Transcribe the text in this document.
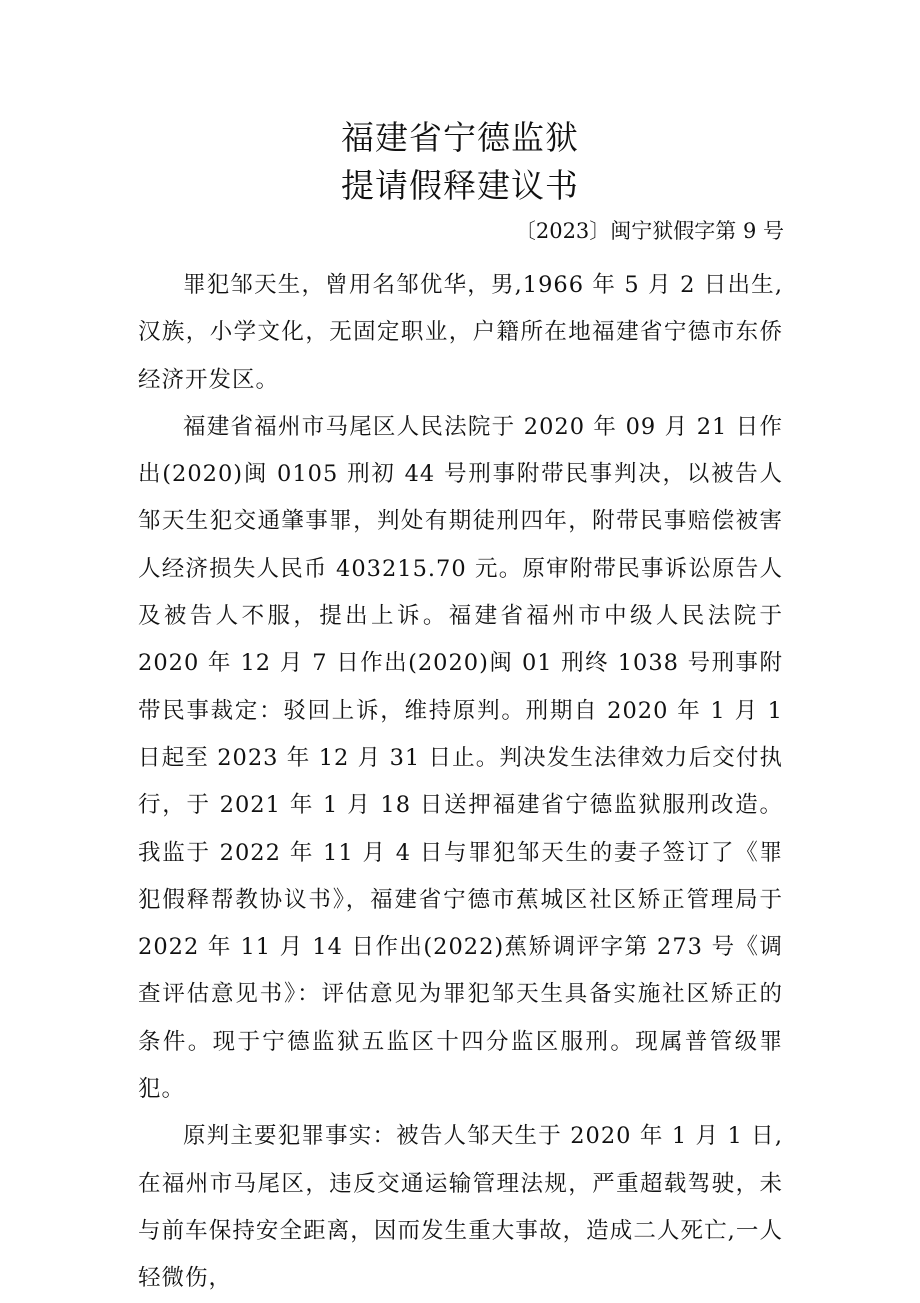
福建省宁德监狱
提请假释建议书
〔2023〕闽宁狱假字第 9 号

罪犯邹天生，曾用名邹优华，男,1966 年 5 月 2 日出生,汉族，小学文化，无固定职业，户籍所在地福建省宁德市东侨经济开发区。

福建省福州市马尾区人民法院于 2020 年 09 月 21 日作出(2020)闽 0105 刑初 44 号刑事附带民事判决，以被告人邹天生犯交通肇事罪，判处有期徒刑四年，附带民事赔偿被害人经济损失人民币 403215.70 元。原审附带民事诉讼原告人及被告人不服，提出上诉。福建省福州市中级人民法院于 2020 年 12 月 7 日作出(2020)闽 01 刑终 1038 号刑事附带民事裁定：驳回上诉，维持原判。刑期自 2020 年 1 月 1 日起至 2023 年 12 月 31 日止。判决发生法律效力后交付执行，于 2021 年 1 月 18 日送押福建省宁德监狱服刑改造。我监于 2022 年 11 月 4 日与罪犯邹天生的妻子签订了《罪犯假释帮教协议书》，福建省宁德市蕉城区社区矫正管理局于 2022 年 11 月 14 日作出(2022)蕉矫调评字第 273 号《调查评估意见书》：评估意见为罪犯邹天生具备实施社区矫正的条件。现于宁德监狱五监区十四分监区服刑。现属普管级罪犯。

原判主要犯罪事实：被告人邹天生于 2020 年 1 月 1 日,在福州市马尾区，违反交通运输管理法规，严重超载驾驶，未与前车保持安全距离，因而发生重大事故，造成二人死亡,一人轻微伤，
